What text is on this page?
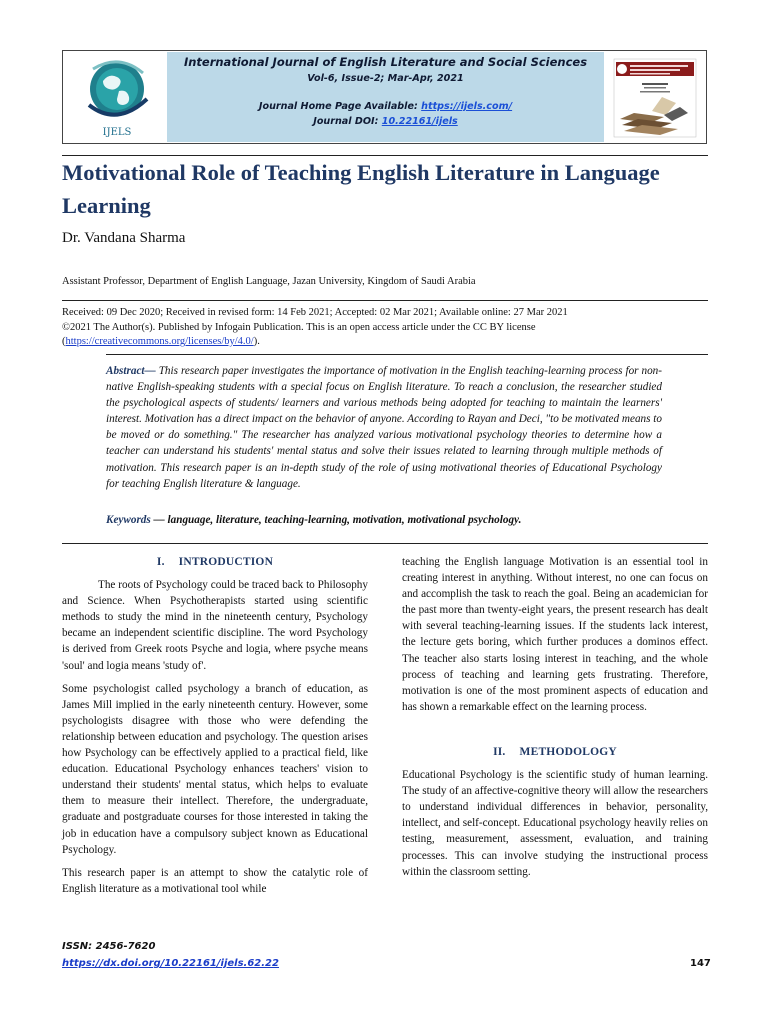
IJELS
International Journal of English Literature and Social Sciences
Vol-6, Issue-2; Mar-Apr, 2021
Journal Home Page Available: https://ijels.com/
Journal DOI: 10.22161/ijels
Motivational Role of Teaching English Literature in Language Learning
Dr. Vandana Sharma
Assistant Professor, Department of English Language, Jazan University, Kingdom of Saudi Arabia
Received: 09 Dec 2020; Received in revised form: 14 Feb 2021; Accepted: 02 Mar 2021; Available online: 27 Mar 2021
©2021 The Author(s). Published by Infogain Publication. This is an open access article under the CC BY license
(https://creativecommons.org/licenses/by/4.0/).
Abstract— This research paper investigates the importance of motivation in the English teaching-learning process for non-native English-speaking students with a special focus on English literature. To reach a conclusion, the researcher studied the psychological aspects of students/ learners and various methods being adopted for teaching to maintain the learners' interest. Motivation has a direct impact on the behavior of anyone. According to Rayan and Deci, "to be motivated means to be moved or do something." The researcher has analyzed various motivational psychology theories to determine how a teacher can understand his students' mental status and solve their issues related to learning through multiple methods of motivation. This research paper is an in-depth study of the role of using motivational theories of Educational Psychology for teaching English literature & language.
Keywords — language, literature, teaching-learning, motivation, motivational psychology.

I. INTRODUCTION

The roots of Psychology could be traced back to Philosophy and Science. When Psychotherapists started using scientific methods to study the mind in the nineteenth century, Psychology became an independent scientific discipline. The word Psychology is derived from Greek roots Psyche and logia, where psyche means 'soul' and logia means 'study of'.

Some psychologist called psychology a branch of education, as James Mill implied in the early nineteenth century. However, some psychologists disagree with those who were defending the relationship between education and psychology. The question arises how Psychology can be effectively applied to a practical field, like education. Educational Psychology enhances teachers' vision to understand their students' mental status, which helps to evaluate them to measure their intellect. Therefore, the undergraduate, graduate and postgraduate courses for those interested in taking the job in education have a compulsory subject known as Educational Psychology.

This research paper is an attempt to show the catalytic role of English literature as a motivational tool while

teaching the English language Motivation is an essential tool in creating interest in anything. Without interest, no one can focus on and accomplish the task to reach the goal. Being an academician for the past more than twenty-eight years, the present research has dealt with several teaching-learning issues. If the students lack interest, the lecture gets boring, which further produces a dominos effect. The teacher also starts losing interest in teaching, and the whole process of teaching and learning gets frustrating. Therefore, motivation is one of the most prominent aspects of education and has shown a remarkable effect on the learning process.

II. METHODOLOGY

Educational Psychology is the scientific study of human learning. The study of an affective-cognitive theory will allow the researchers to understand individual differences in behavior, personality, intellect, and self-concept. Educational psychology heavily relies on testing, measurement, assessment, evaluation, and training processes. This can involve studying the instructional process within the classroom setting.

ISSN: 2456-7620
https://dx.doi.org/10.22161/ijels.62.22	147
